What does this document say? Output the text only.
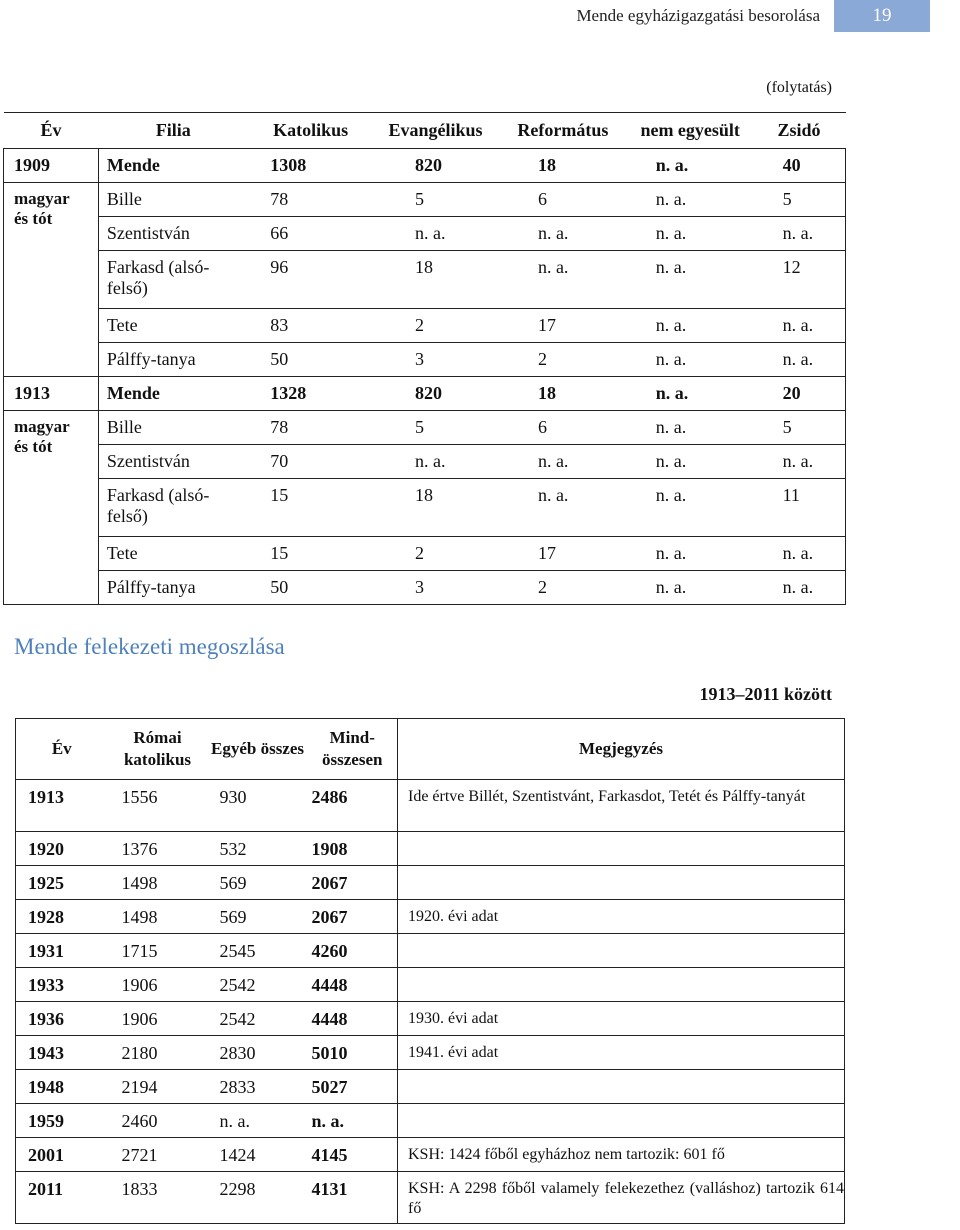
Mende egyházigazgatási besorolása	19
(folytatás)
Év	Filia	Katolikus	Evangélikus	Református	nem egyesült	Zsidó
1909	Mende	1308	820	18	n. a.	40

magyar és tót	Bille	78	5	6	n. a.	5
	Szentistván	66	n. a.	n. a.	n. a.	n. a.
	Farkasd (alsó-felső)	96	18	n. a.	n. a.	12
	Tete	83	2	17	n. a.	n. a.
	Pálffy-tanya	50	3	2	n. a.	n. a.
1913	Mende	1328	820	18	n. a.	20

magyar és tót	Bille	78	5	6	n. a.	5
	Szentistván	70	n. a.	n. a.	n. a.	n. a.
	Farkasd (alsó-felső)	15	18	n. a.	n. a.	11
	Tete	15	2	17	n. a.	n. a.
	Pálffy-tanya	50	3	2	n. a.	n. a.
Mende felekezeti megoszlása
1913–2011 között
Év	Római katolikus	Egyéb összes	Mind-összesen	Megjegyzés
1913	1556	930	2486	Ide értve Billét, Szentistvánt, Farkasdot, Tetét és Pálffy-tanyát
1920	1376	532	1908	
1925	1498	569	2067	
1928	1498	569	2067	1920. évi adat
1931	1715	2545	4260	
1933	1906	2542	4448	
1936	1906	2542	4448	1930. évi adat
1943	2180	2830	5010	1941. évi adat
1948	2194	2833	5027	
1959	2460	n. a.	n. a.	
2001	2721	1424	4145	KSH: 1424 főből egyházhoz nem tartozik: 601 fő
2011	1833	2298	4131	KSH: A 2298 főből valamely felekezethez (valláshoz) tartozik 614 fő
